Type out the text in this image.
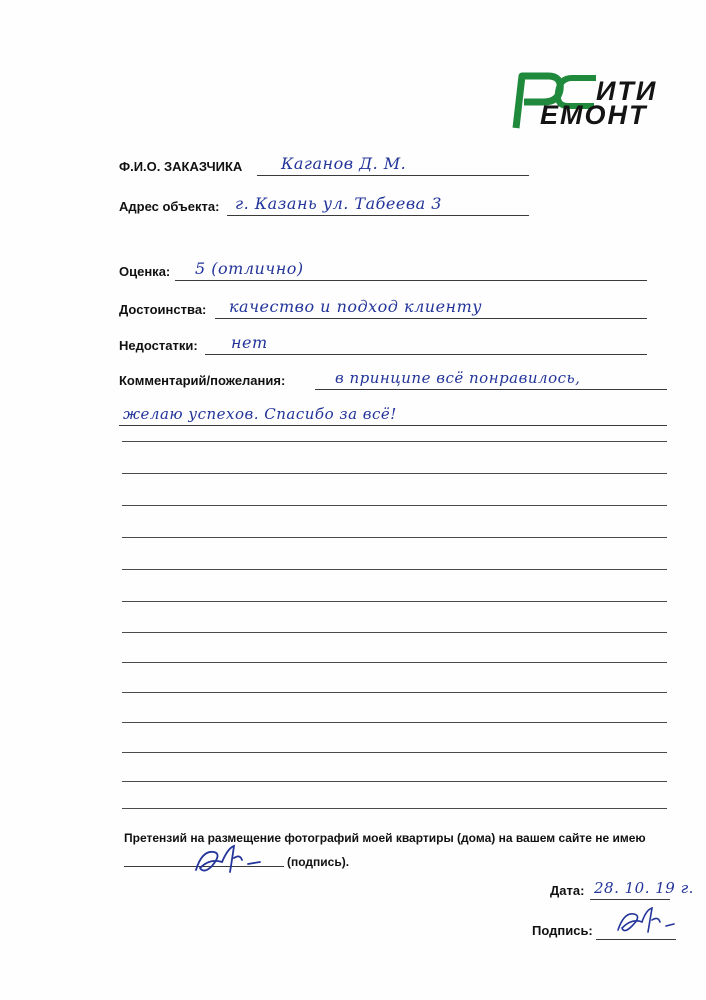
ИТИ
ЕМОНТ
Ф.И.О. ЗАКАЗЧИКА Каганов Д. М.
Адрес объекта: г. Казань ул. Табеева 3
Оценка: 5 (отлично)
Достоинства: качество и подход клиенту
Недостатки: нет
Комментарий/пожелания:	в принципе всё понравилось,
желаю успехов. Спасибо за всё!
Претензий на размещение фотографий моей квартиры (дома) на вашем сайте не имею
(подпись).
Дата: 28. 10. 19 г.
Подпись:
